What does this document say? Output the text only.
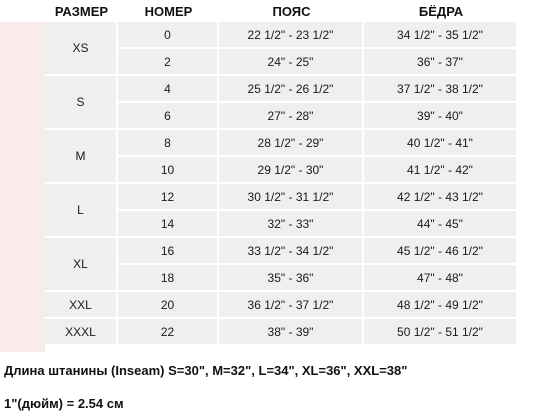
	РАЗМЕР	НОМЕР	ПОЯС	БЁДРА
	XS	0	22 1/2" - 23 1/2"	34 1/2" - 35 1/2"
		2	24" - 25"	36" - 37"
	S	4	25 1/2" - 26 1/2"	37 1/2" - 38 1/2"
		6	27" - 28"	39" - 40"
	M	8	28 1/2" - 29"	40 1/2" - 41"
		10	29 1/2" - 30"	41 1/2" - 42"
	L	12	30 1/2" - 31 1/2"	42 1/2" - 43 1/2"
		14	32" - 33"	44" - 45"
	XL	16	33 1/2" - 34 1/2"	45 1/2" - 46 1/2"
		18	35" - 36"	47" - 48"
	XXL	20	36 1/2" - 37 1/2"	48 1/2" - 49 1/2"
	XXXL	22	38" - 39"	50 1/2" - 51 1/2"
Длина штанины (Inseam) S=30", M=32", L=34", XL=36", XXL=38"
1"(дюйм) = 2.54 см
